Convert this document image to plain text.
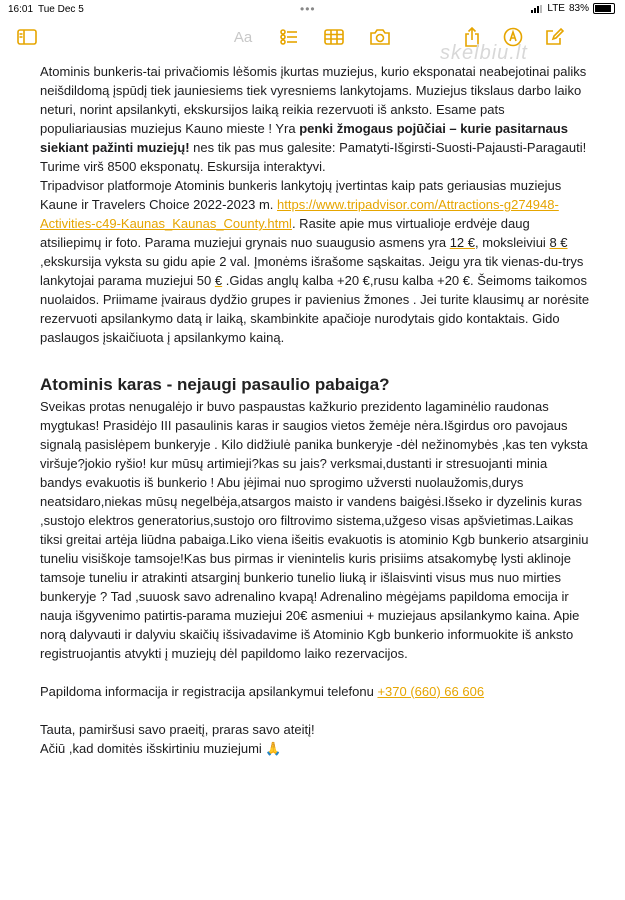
16:01 Tue Dec 5	•••	LTE 83%
Aa
skelbiu.lt

Atominis bunkeris-tai privačiomis lėšomis įkurtas muziejus, kurio eksponatai neabejotinai paliks neišdildomą įspūdį tiek jauniesiems tiek vyresniems lankytojams. Muziejus tikslaus darbo laiko neturi, norint apsilankyti, ekskursijos laiką reikia rezervuoti iš anksto. Esame pats populiariausias muziejus Kauno mieste ! Yra penki žmogaus pojūčiai – kurie pasitarnaus siekiant pažinti muziejų! nes tik pas mus galesite: Pamatyti-Išgirsti-Suosti-Pajausti-Paragauti! Turime virš 8500 eksponatų. Eskursija interaktyvi.

Tripadvisor platformoje Atominis bunkeris lankytojų įvertintas kaip pats geriausias muziejus Kaune ir Travelers Choice 2022-2023 m. https://www.tripadvisor.com/Attractions-g274948-Activities-c49-Kaunas_Kaunas_County.html. Rasite apie mus virtualioje erdvėje daug atsiliepimų ir foto. Parama muziejui grynais nuo suaugusio asmens yra 12 €, moksleiviui 8 € ,ekskursija vyksta su gidu apie 2 val. Įmonėms išrašome sąskaitas. Jeigu yra tik vienas-du-trys lankytojai parama muziejui 50 € .Gidas anglų kalba +20 €,rusu kalba +20 €. Šeimoms taikomos nuolaidos. Priimame įvairaus dydžio grupes ir pavienius žmones . Jei turite klausimų ar norėsite rezervuoti apsilankymo datą ir laiką, skambinkite apačioje nurodytais gido kontaktais. Gido paslaugos įskaičiuota į apsilankymo kainą.

Atominis karas - nejaugi pasaulio pabaiga?

Sveikas protas nenugalėjo ir buvo paspaustas kažkurio prezidento lagaminėlio raudonas mygtukas! Prasidėjo III pasaulinis karas ir saugios vietos žemėje nėra.Išgirdus oro pavojaus signalą pasislėpem bunkeryje . Kilo didžiulė panika bunkeryje -dėl nežinomybės ,kas ten vyksta viršuje?jokio ryšio! kur mūsų artimieji?kas su jais? verksmai,dustanti ir stresuojanti minia bandys evakuotis iš bunkerio ! Abu įėjimai nuo sprogimo užversti nuolaužomis,durys neatsidaro,niekas mūsų negelbėja,atsargos maisto ir vandens baigėsi.Išseko ir dyzelinis kuras ,sustojo elektros generatorius,sustojo oro filtrovimo sistema,užgeso visas apšvietimas.Laikas tiksi greitai artėja liūdna pabaiga.Liko viena išeitis evakuotis is atominio Kgb bunkerio atsarginiu tuneliu visiškoje tamsoje!Kas bus pirmas ir vienintelis kuris prisiims atsakomybę lysti aklinoje tamsoje tuneliu ir atrakinti atsarginį bunkerio tunelio liuką ir išlaisvinti visus mus nuo mirties bunkeryje ? Tad ,suuosk savo adrenalino kvapą! Adrenalino mėgėjams papildoma emocija ir nauja išgyvenimo patirtis-parama muziejui 20€ asmeniui + muziejaus apsilankymo kaina. Apie norą dalyvauti ir dalyviu skaičių išsivadavime iš Atominio Kgb bunkerio informuokite iš anksto registruojantis atvykti į muziejų dėl papildomo laiko rezervacijos.

Papildoma informacija ir registracija apsilankymui telefonu +370 (660) 66 606

Tauta, pamiršusi savo praeitį, praras savo ateitį!

Ačiū ,kad domitės išskirtiniu muziejumi 🙏
